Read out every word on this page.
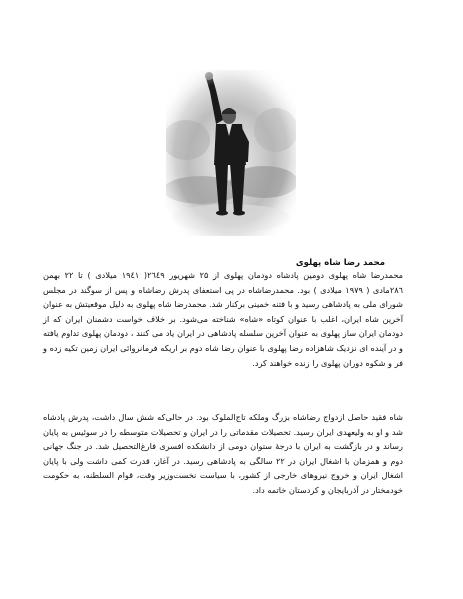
محمد رضا شاه پهلوی

محمدرضا شاه پهلوی دومین پادشاه دودمان پهلوی از ۲۵ شهریور ۲٦٤٩( ۱۹٤۱ میلادی ) تا ۲۲ بهمن ۲۸٦مادی ( ۱۹۷۹ میلادی ) بود. محمدرضاشاه در پی استعفای پدرش رضاشاه و پس از سوگند در مجلس شورای ملی به پادشاهی رسید و با فتنه خمینی برکنار شد. محمدرضا شاه پهلوی به دلیل موقعیتش به عنوان آخرین شاه ایران، اغلب با عنوان کوتاه «شاه» شناخته می‌شود. بر خلاف خواست دشمنان ایران که از دودمان ایران ساز پهلوی به عنوان آخرین سلسله پادشاهی در ایران یاد می کنند ، دودمان پهلوی تداوم یافته و در آینده ای نزدیک شاهزاده رضا پهلوی با عنوان رضا شاه دوم بر اریکه فرمانروائی ایران زمین تکیه زده و فر و شکوه دوران پهلوی را زنده خواهند کرد.

شاه فقید حاصل ازدواج رضاشاه بزرگ وملکه تاج‌الملوک بود. در حالی‌که شش سال داشت، پدرش پادشاه شد و او به ولیعهدی ایران رسید. تحصیلات مقدماتی را در ایران و تحصیلات متوسطه را در سوئیس به پایان رساند و در بازگشت به ایران با درجهٔ ستوان دومی از دانشکده افسری فارغ‌التحصیل شد. در جنگ جهانی دوم و همزمان با اشغال ایران در ۲۲ سالگی به پادشاهی رسید. در آغاز، قدرت کمی داشت ولی با پایان اشغال ایران و خروج نیروهای خارجی از کشور، با سیاست نخست‌وزیر وقت، قوام السلطنه، به حکومت خودمختار در آذربایجان و کردستان خاتمه داد.
